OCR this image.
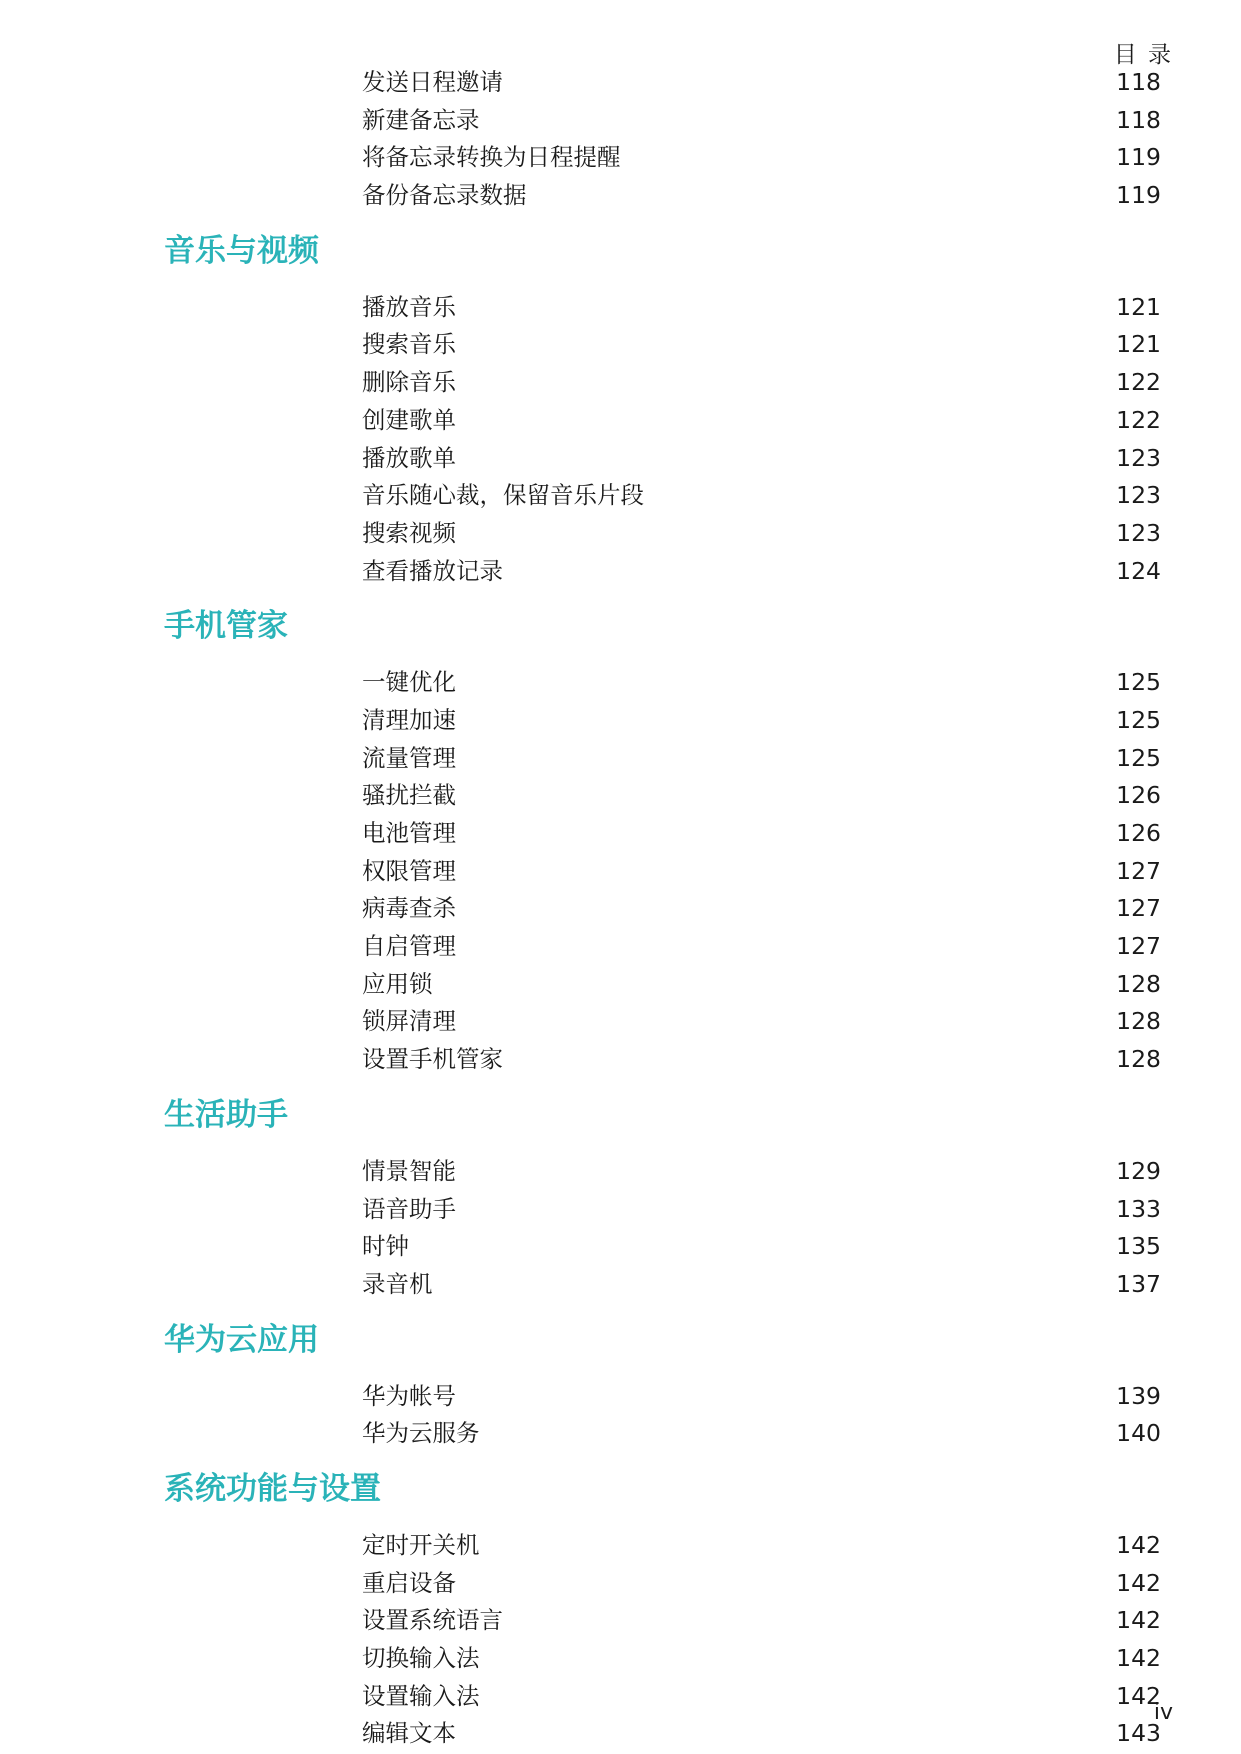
目 录
发送日程邀请	118
新建备忘录	118
将备忘录转换为日程提醒	119
备份备忘录数据	119
音乐与视频
播放音乐	121
搜索音乐	121
删除音乐	122
创建歌单	122
播放歌单	123
音乐随心裁，保留音乐片段	123
搜索视频	123
查看播放记录	124
手机管家
一键优化	125
清理加速	125
流量管理	125
骚扰拦截	126
电池管理	126
权限管理	127
病毒查杀	127
自启管理	127
应用锁	128
锁屏清理	128
设置手机管家	128
生活助手
情景智能	129
语音助手	133
时钟	135
录音机	137
华为云应用
华为帐号	139
华为云服务	140
系统功能与设置
定时开关机	142
重启设备	142
设置系统语言	142
切换输入法	142
设置输入法	142
编辑文本	143
iv
